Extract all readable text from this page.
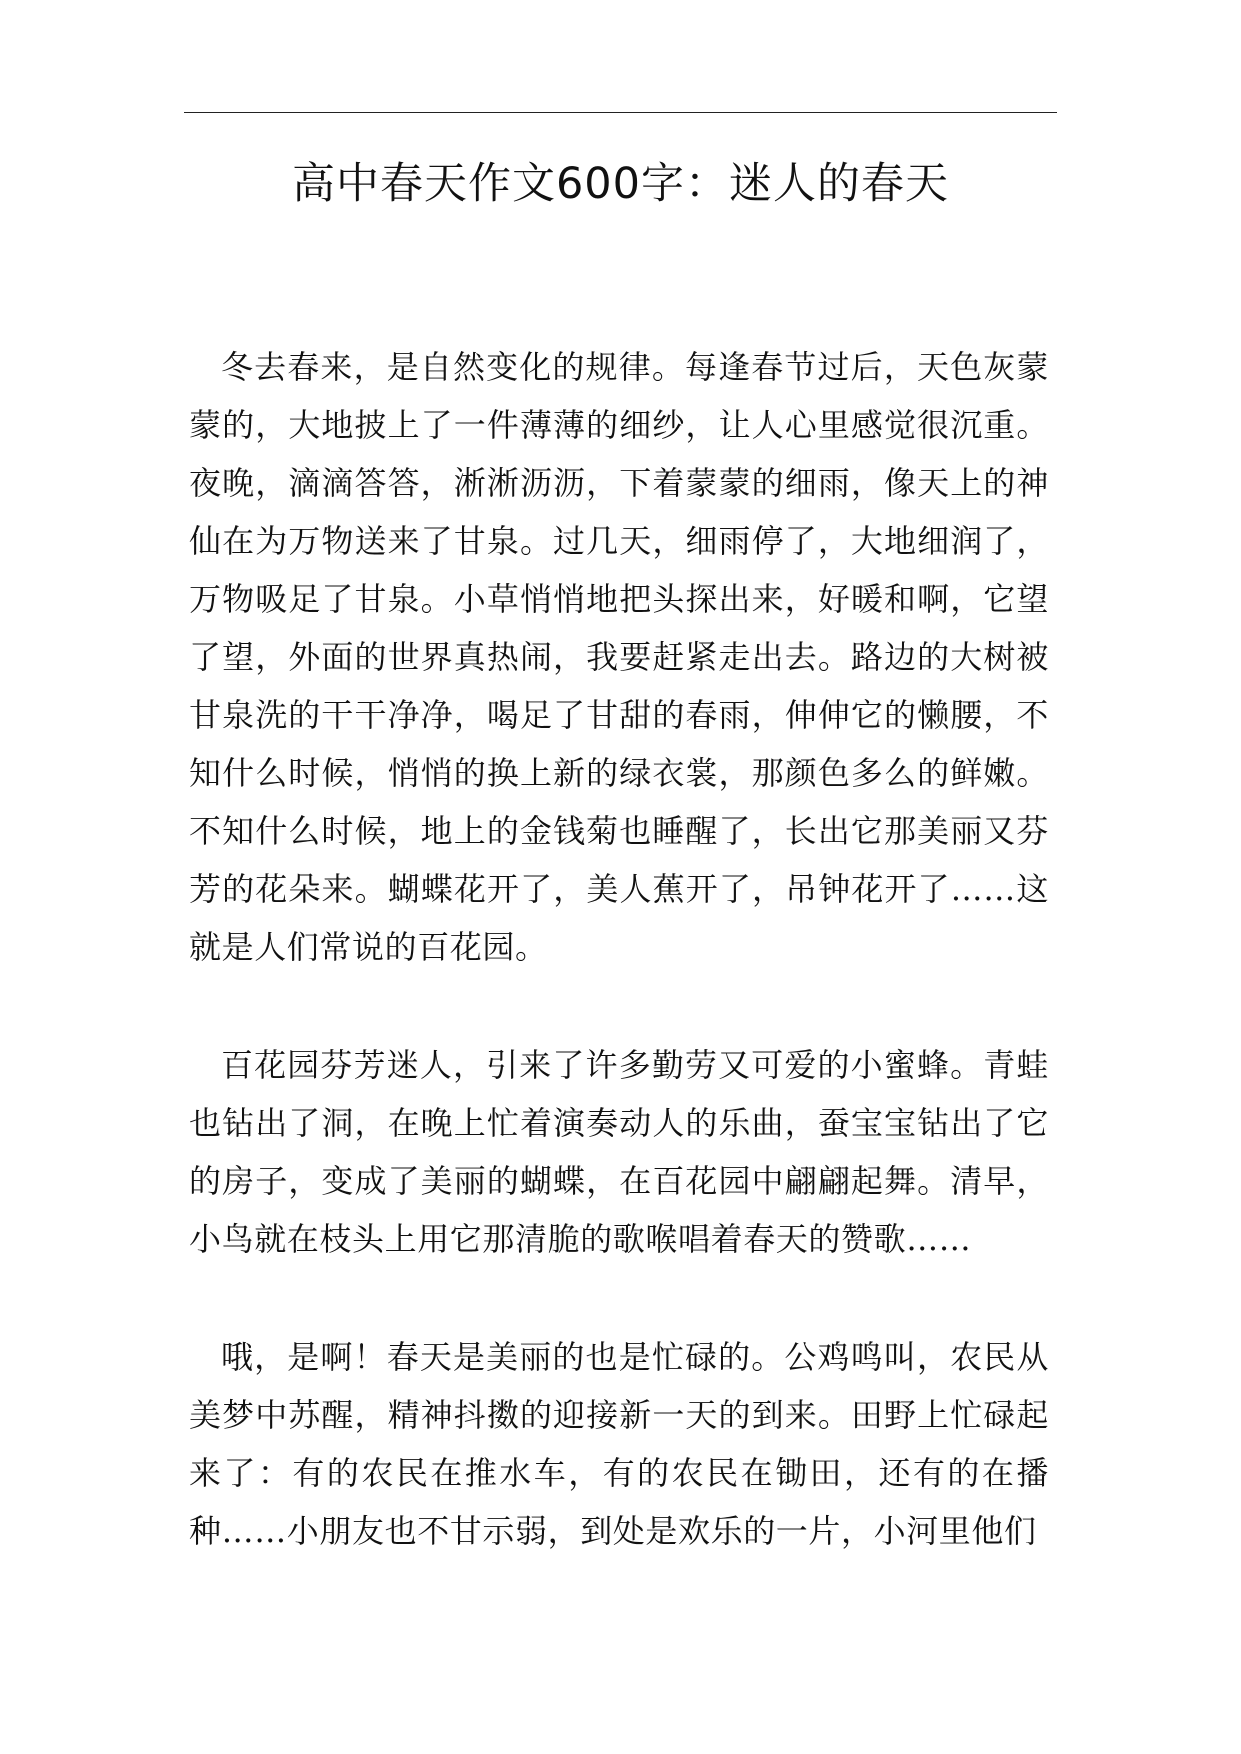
高中春天作文600字：迷人的春天

冬去春来，是自然变化的规律。每逢春节过后，天色灰蒙蒙的，大地披上了一件薄薄的细纱，让人心里感觉很沉重。夜晚，滴滴答答，淅淅沥沥，下着蒙蒙的细雨，像天上的神仙在为万物送来了甘泉。过几天，细雨停了，大地细润了，万物吸足了甘泉。小草悄悄地把头探出来，好暖和啊，它望了望，外面的世界真热闹，我要赶紧走出去。路边的大树被甘泉洗的干干净净，喝足了甘甜的春雨，伸伸它的懒腰，不知什么时候，悄悄的换上新的绿衣裳，那颜色多么的鲜嫩。不知什么时候，地上的金钱菊也睡醒了，长出它那美丽又芬芳的花朵来。蝴蝶花开了，美人蕉开了，吊钟花开了……这就是人们常说的百花园。

百花园芬芳迷人，引来了许多勤劳又可爱的小蜜蜂。青蛙也钻出了洞，在晚上忙着演奏动人的乐曲，蚕宝宝钻出了它的房子，变成了美丽的蝴蝶，在百花园中翩翩起舞。清早，小鸟就在枝头上用它那清脆的歌喉唱着春天的赞歌……

哦，是啊！春天是美丽的也是忙碌的。公鸡鸣叫，农民从美梦中苏醒，精神抖擞的迎接新一天的到来。田野上忙碌起来了：有的农民在推水车，有的农民在锄田，还有的在播种……小朋友也不甘示弱，到处是欢乐的一片，小河里他们
